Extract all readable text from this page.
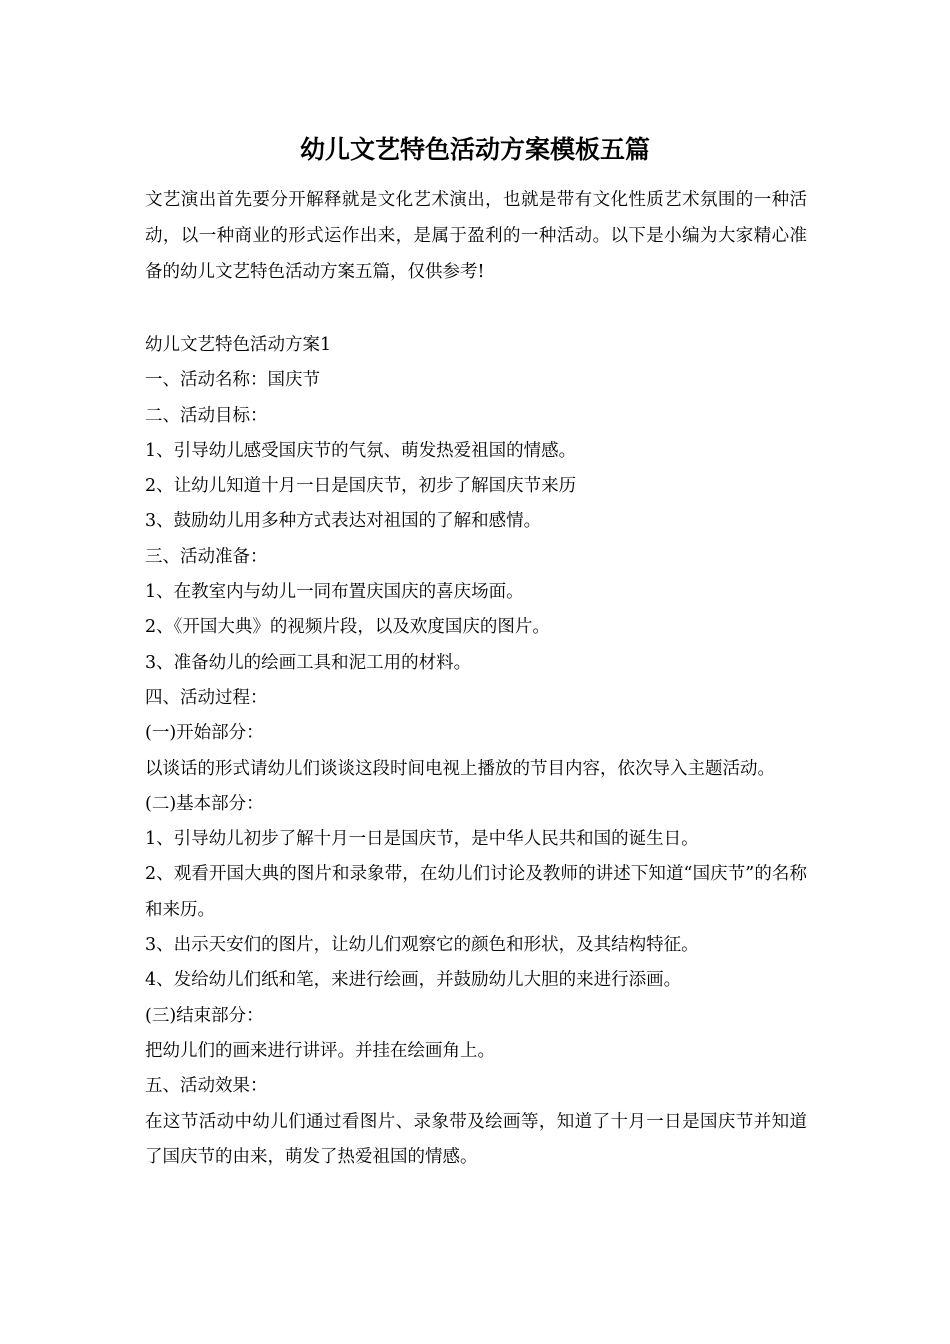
幼儿文艺特色活动方案模板五篇

文艺演出首先要分开解释就是文化艺术演出，也就是带有文化性质艺术氛围的一种活动，以一种商业的形式运作出来，是属于盈利的一种活动。以下是小编为大家精心准备的幼儿文艺特色活动方案五篇，仅供参考!

幼儿文艺特色活动方案1
一、活动名称：国庆节
二、活动目标：
1、引导幼儿感受国庆节的气氛、萌发热爱祖国的情感。
2、让幼儿知道十月一日是国庆节，初步了解国庆节来历
3、鼓励幼儿用多种方式表达对祖国的了解和感情。
三、活动准备：
1、在教室内与幼儿一同布置庆国庆的喜庆场面。
2、《开国大典》的视频片段，以及欢度国庆的图片。
3、准备幼儿的绘画工具和泥工用的材料。
四、活动过程：
(一)开始部分：
以谈话的形式请幼儿们谈谈这段时间电视上播放的节目内容，依次导入主题活动。
(二)基本部分：
1、引导幼儿初步了解十月一日是国庆节，是中华人民共和国的诞生日。
2、观看开国大典的图片和录象带，在幼儿们讨论及教师的讲述下知道“国庆节”的名称和来历。
3、出示天安们的图片，让幼儿们观察它的颜色和形状，及其结构特征。
4、发给幼儿们纸和笔，来进行绘画，并鼓励幼儿大胆的来进行添画。
(三)结束部分：
把幼儿们的画来进行讲评。并挂在绘画角上。
五、活动效果：
在这节活动中幼儿们通过看图片、录象带及绘画等，知道了十月一日是国庆节并知道了国庆节的由来，萌发了热爱祖国的情感。
